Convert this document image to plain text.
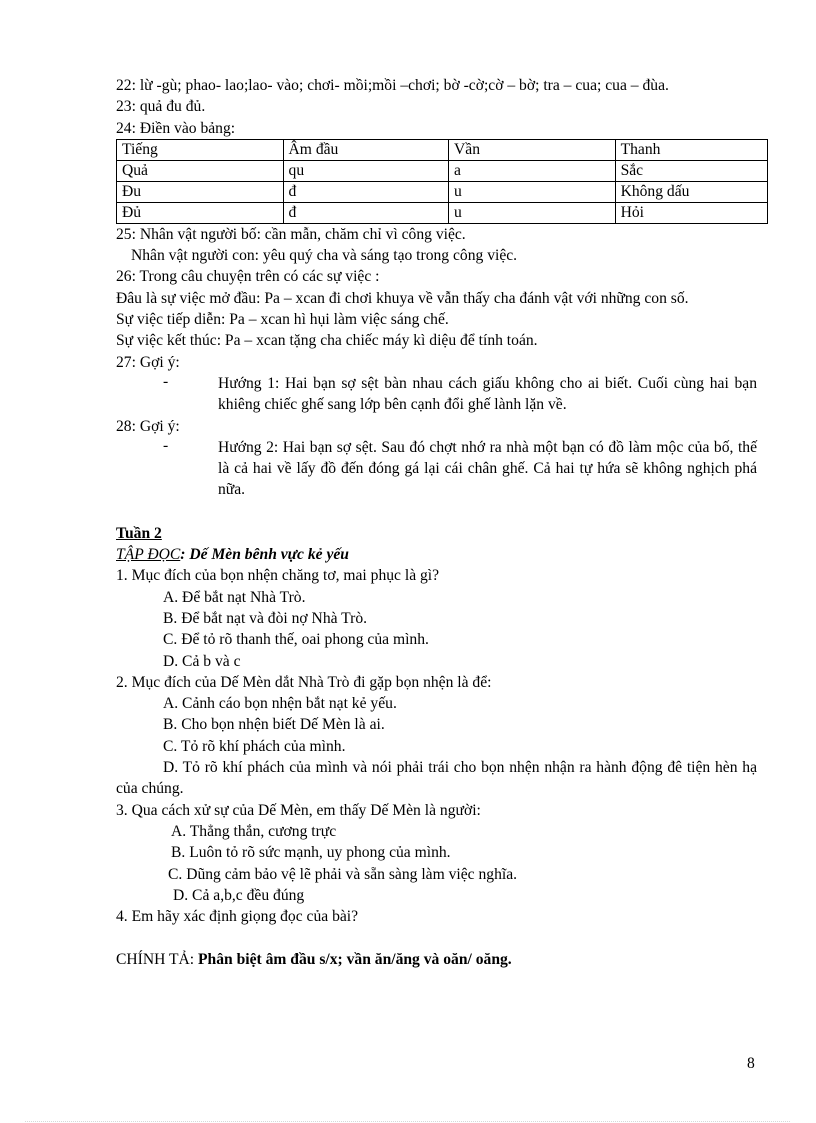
22: lừ -gù; phao- lao;lao- vào; chơi- mồi;mồi –chơi; bờ -cờ;cờ – bờ; tra – cua; cua – đùa.

23: quả đu đủ.

24: Điền vào bảng:

Tiếng	Âm đầu	Vần	Thanh
Quả	qu	a	Sắc
Đu	đ	u	Không dấu
Đủ	đ	u	Hỏi

25: Nhân vật người bố: cần mẫn, chăm chỉ vì công việc.

Nhân vật người con: yêu quý cha và sáng tạo trong công việc.

26: Trong câu chuyện trên có các sự việc :

Đâu là sự việc mở đầu: Pa – xcan đi chơi khuya về vẫn thấy cha đánh vật với những con số.

Sự việc tiếp diễn: Pa – xcan hì hụi làm việc sáng chế.

Sự việc kết thúc: Pa – xcan tặng cha chiếc máy kì diệu để tính toán.

27: Gợi ý:

-	Hướng 1: Hai bạn sợ sệt bàn nhau cách giấu không cho ai biết. Cuối cùng hai bạn khiêng chiếc ghế sang lớp bên cạnh đổi ghế lành lặn về.

28: Gợi ý:

-	Hướng 2: Hai bạn sợ sệt. Sau đó chợt nhớ ra nhà một bạn có đồ làm mộc của bố, thế là cả hai về lấy đồ đến đóng gá lại cái chân ghế. Cả hai tự hứa sẽ không nghịch phá nữa.

Tuần 2

TẬP ĐỌC: Dế Mèn bênh vực kẻ yếu

1. Mục đích của bọn nhện chăng tơ, mai phục là gì?

A. Để bắt nạt Nhà Trò.

B. Để bắt nạt và đòi nợ Nhà Trò.

C. Để tỏ rõ thanh thế, oai phong của mình.

D. Cả b và c

2. Mục đích của Dế Mèn dắt Nhà Trò đi gặp bọn nhện là để:

A. Cảnh cáo bọn nhện bắt nạt kẻ yếu.

B. Cho bọn nhện biết Dế Mèn là ai.

C. Tỏ rõ khí phách của mình.

D. Tỏ rõ khí phách của mình và nói phải trái cho bọn nhện nhận ra hành động đê tiện hèn hạ của chúng.

3. Qua cách xử sự của Dế Mèn, em thấy Dế Mèn là người:

A. Thẳng thắn, cương trực

B. Luôn tỏ rõ sức mạnh, uy phong của mình.

C. Dũng cảm bảo vệ lẽ phải và sẵn sàng làm việc nghĩa.

D. Cả a,b,c đều đúng

4. Em hãy xác định giọng đọc của bài?

CHÍNH TẢ: Phân biệt âm đầu s/x; vần ăn/ăng và oăn/ oăng.

8
